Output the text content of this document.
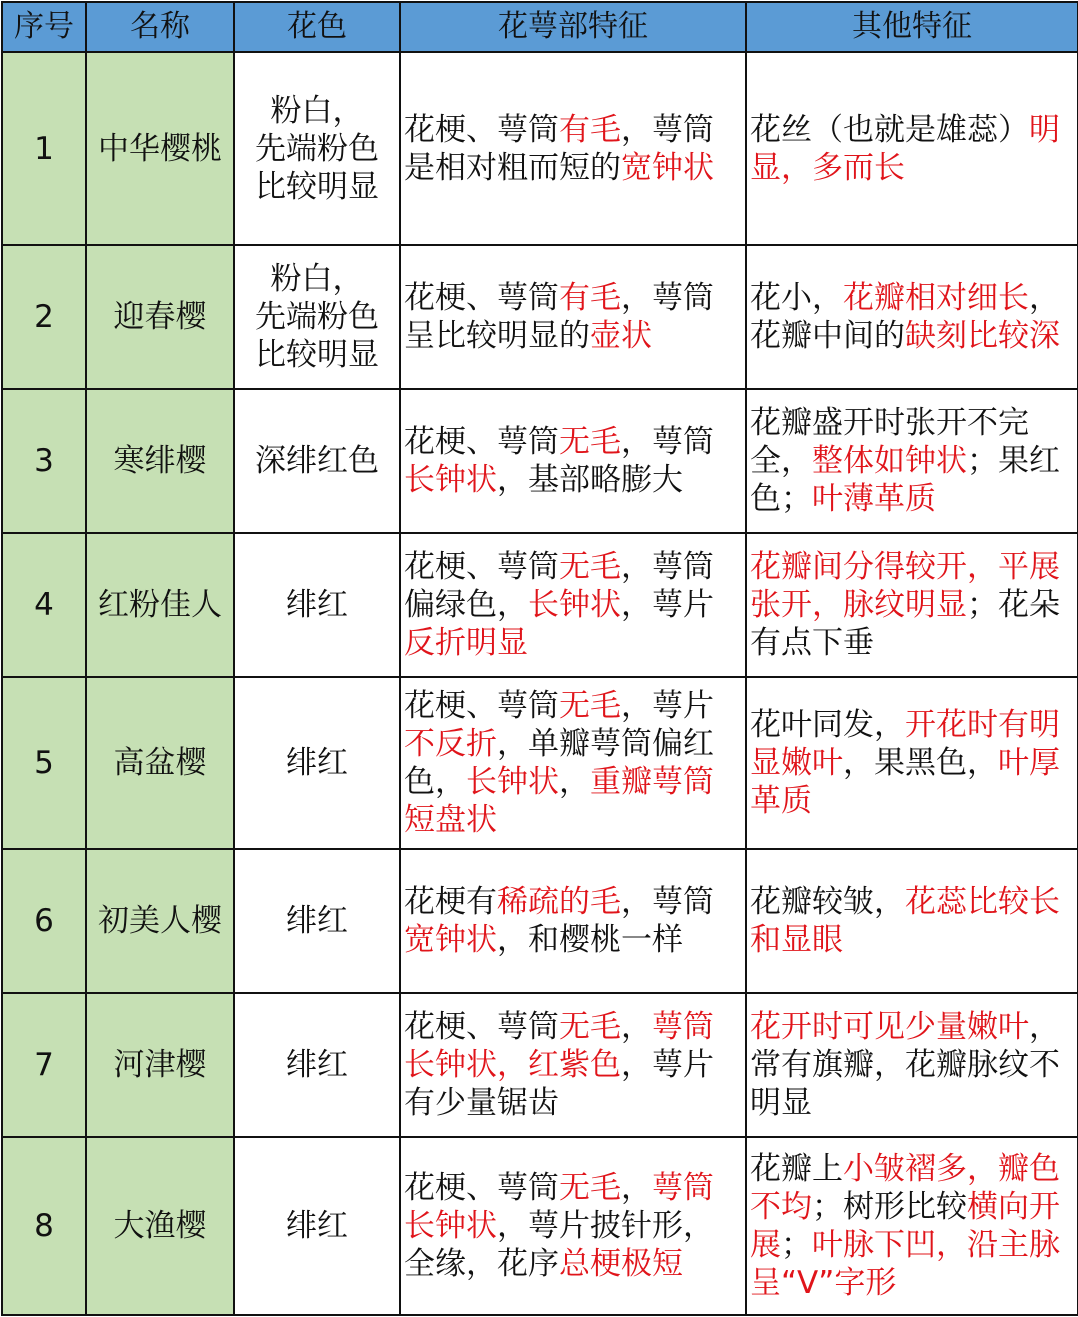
序号	名称	花色	花萼部特征	其他特征
1	中华樱桃	粉白，
先端粉色
比较明显	花梗、萼筒有毛，萼筒是相对粗而短的宽钟状	花丝（也就是雄蕊）明显，多而长
2	迎春樱	粉白，
先端粉色
比较明显	花梗、萼筒有毛，萼筒呈比较明显的壶状	花小，花瓣相对细长，花瓣中间的缺刻比较深
3	寒绯樱	深绯红色	花梗、萼筒无毛，萼筒长钟状，基部略膨大	花瓣盛开时张开不完全，整体如钟状；果红色；叶薄革质
4	红粉佳人	绯红	花梗、萼筒无毛，萼筒偏绿色，长钟状，萼片反折明显	花瓣间分得较开，平展张开，脉纹明显；花朵有点下垂
5	高盆樱	绯红	花梗、萼筒无毛，萼片不反折，单瓣萼筒偏红色，长钟状，重瓣萼筒短盘状	花叶同发，开花时有明显嫩叶，果黑色，叶厚革质
6	初美人樱	绯红	花梗有稀疏的毛，萼筒宽钟状，和樱桃一样	花瓣较皱，花蕊比较长和显眼
7	河津樱	绯红	花梗、萼筒无毛，萼筒长钟状，红紫色，萼片有少量锯齿	花开时可见少量嫩叶，常有旗瓣，花瓣脉纹不明显
8	大渔樱	绯红	花梗、萼筒无毛，萼筒长钟状，萼片披针形，全缘，花序总梗极短	花瓣上小皱褶多，瓣色不均；树形比较横向开展；叶脉下凹，沿主脉呈“V”字形
